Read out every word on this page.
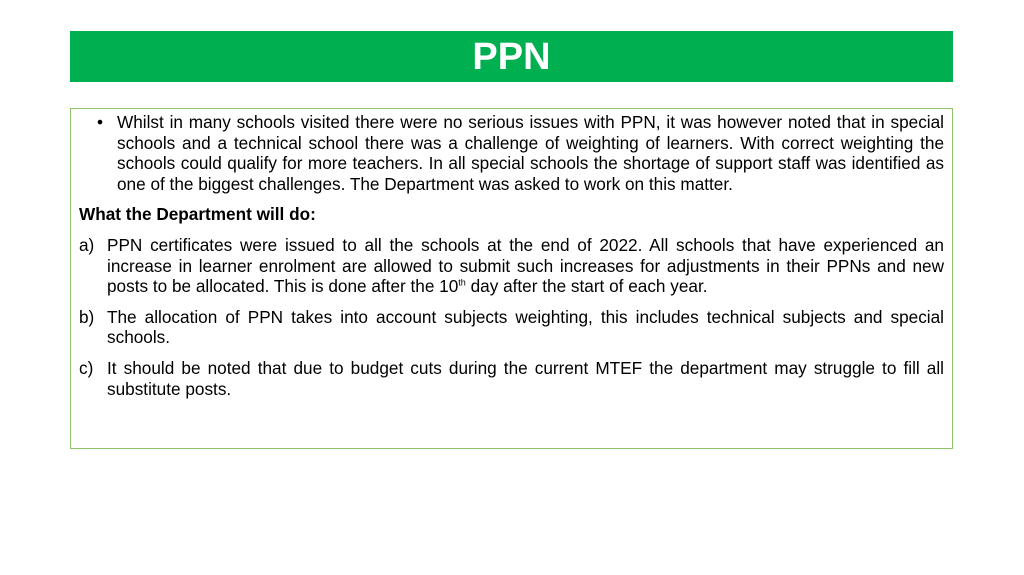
PPN
• Whilst in many schools visited there were no serious issues with PPN, it was however noted that in special schools and a technical school there was a challenge of weighting of learners. With correct weighting the schools could qualify for more teachers. In all special schools the shortage of support staff was identified as one of the biggest challenges. The Department was asked to work on this matter.
What the Department will do:
a) PPN certificates were issued to all the schools at the end of 2022. All schools that have experienced an increase in learner enrolment are allowed to submit such increases for adjustments in their PPNs and new posts to be allocated. This is done after the 10th day after the start of each year.
b) The allocation of PPN takes into account subjects weighting, this includes technical subjects and special schools.
c) It should be noted that due to budget cuts during the current MTEF the department may struggle to fill all substitute posts.
